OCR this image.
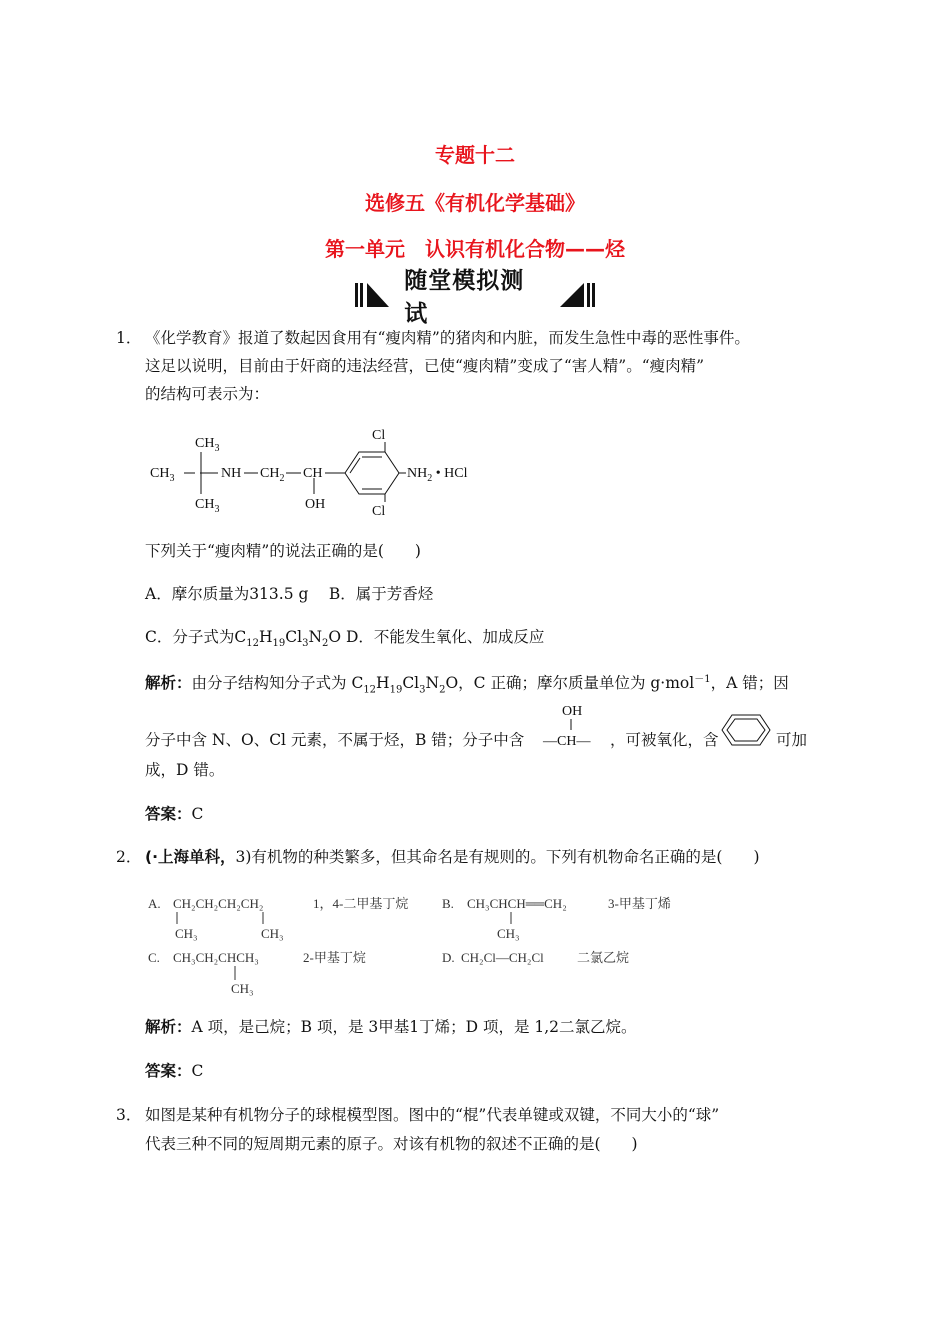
专题十二
选修五《有机化学基础》
第一单元　认识有机化合物——烃
随堂模拟测试
1． 《化学教育》报道了数起因食用有“瘦肉精”的猪肉和内脏，而发生急性中毒的恶性事件。
这足以说明，目前由于奸商的违法经营，已使“瘦肉精”变成了“害人精”。“瘦肉精”
的结构可表示为：
$CH_3$
$CH_3$
$CH_3$
NH $CH_2$ CH
OH
Cl
Cl
$NH_2$ • HCl
下列关于“瘦肉精”的说法正确的是(　　)
A．摩尔质量为313.5 g　 B．属于芳香烃
C．分子式为$C_{12}H_{19}Cl_3N_2O$ D．不能发生氧化、加成反应
解析：由分子结构知分子式为 $C_{12}H_{19}Cl_3N_2O$，C 正确；摩尔质量单位为 g·mol$^{-1}$，A 错；因
分子中含 N、O、Cl 元素，不属于烃，B 错；分子中含
OH
—CH— ，可被氧化，含	可加
成，D 错。
答案：C
2． (·上海单科，3)有机物的种类繁多，但其命名是有规则的。下列有机物命名正确的是(　　)
A. CH₂CH₂CH₂CH₂
CH₃	CH₃
1，4-二甲基丁烷	B. CH₃CHCH══CH₂
CH₃
3-甲基丁烯
C. CH₃CH₂CHCH₃
CH₃
2-甲基丁烷	D. CH₂Cl—CH₂Cl	二氯乙烷
解析：A 项，是己烷；B 项，是 3甲基1丁烯；D 项，是 1,2二氯乙烷。
答案：C
3． 如图是某种有机物分子的球棍模型图。图中的“棍”代表单键或双键，不同大小的“球”
代表三种不同的短周期元素的原子。对该有机物的叙述不正确的是(　　)
